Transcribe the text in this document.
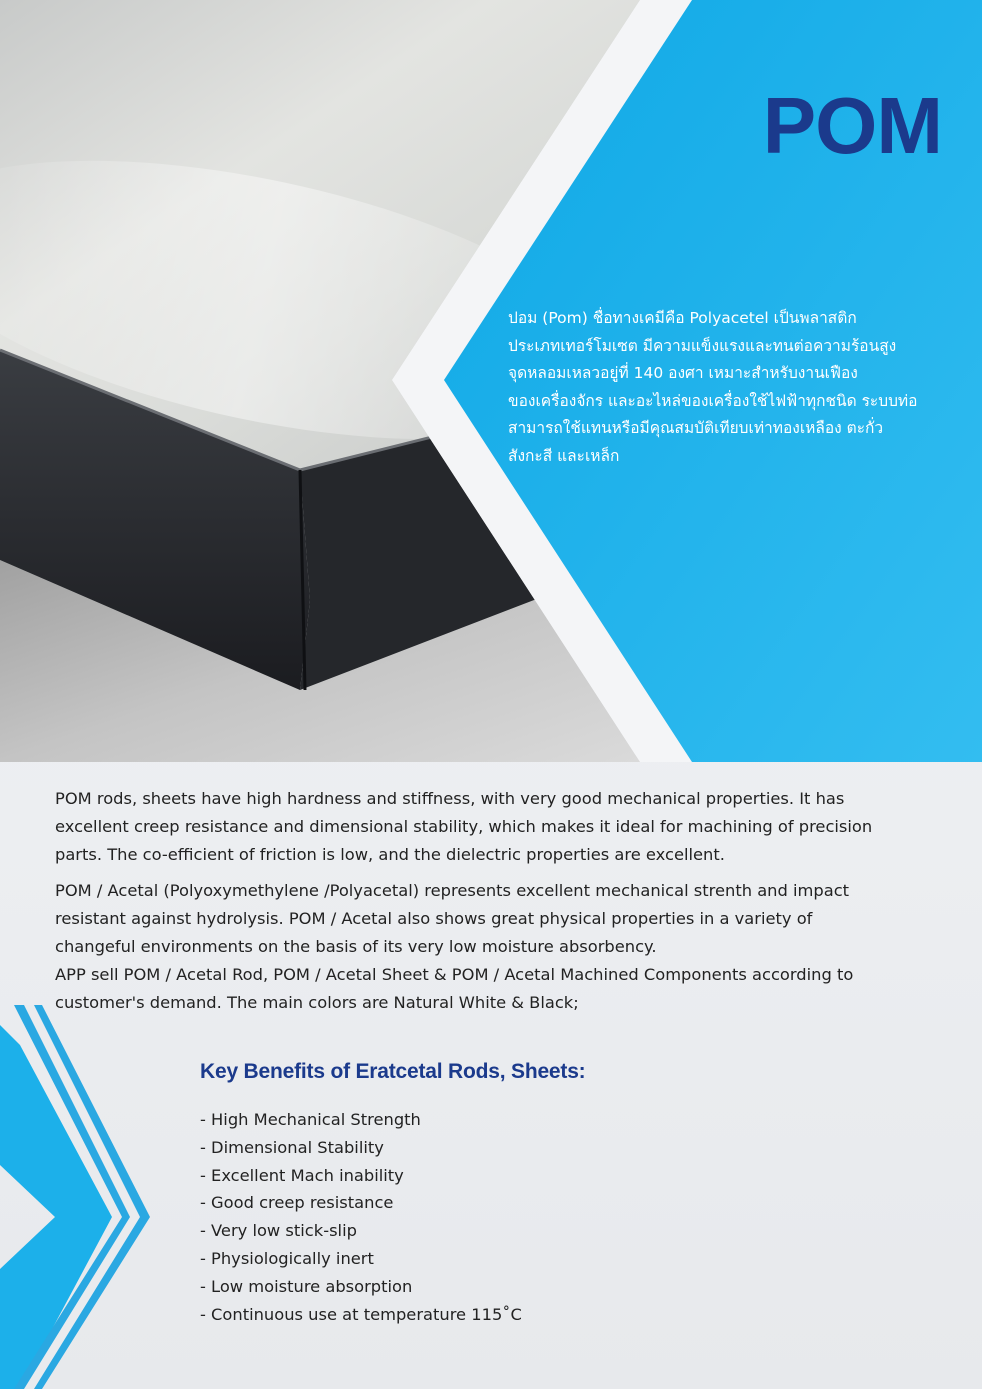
POM

ปอม (Pom) ชื่อทางเคมีคือ Polyacetel เป็นพลาสติก
ประเภทเทอร์โมเซต มีความแข็งแรงและทนต่อความร้อนสูง
จุดหลอมเหลวอยู่ที่ 140 องศา เหมาะสำหรับงานเฟือง
ของเครื่องจักร และอะไหล่ของเครื่องใช้ไฟฟ้าทุกชนิด ระบบท่อ
สามารถใช้แทนหรือมีคุณสมบัติเทียบเท่าทองเหลือง ตะกั่ว
สังกะสี และเหล็ก

POM rods, sheets have high hardness and stiffness, with very good mechanical properties. It has
excellent creep resistance and dimensional stability, which makes it ideal for machining of precision
parts. The co-efficient of friction is low, and the dielectric properties are excellent.

POM / Acetal (Polyoxymethylene /Polyacetal) represents excellent mechanical strenth and impact
resistant against hydrolysis. POM / Acetal also shows great physical properties in a variety of
changeful environments on the basis of its very low moisture absorbency.
APP sell POM / Acetal Rod, POM / Acetal Sheet & POM / Acetal Machined Components according to
customer's demand. The main colors are Natural White & Black;

Key Benefits of Eratcetal Rods, Sheets:
- High Mechanical Strength
- Dimensional Stability
- Excellent Mach inability
- Good creep resistance
- Very low stick-slip
- Physiologically inert
- Low moisture absorption
- Continuous use at temperature 115˚C
